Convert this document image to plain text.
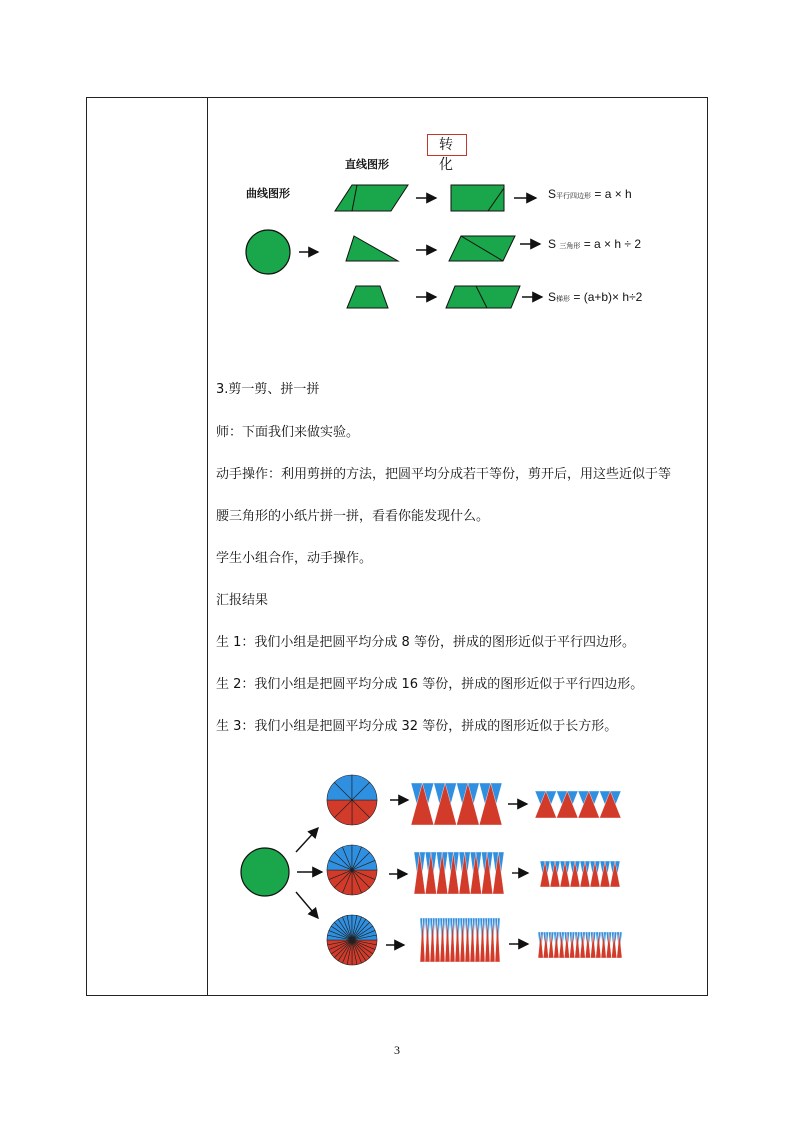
转 化
直线图形
曲线图形	S平行四边形 = a × h
S 三角形 = a × h ÷ 2
S梯形 = (a+b)× h÷2
3.剪一剪、拼一拼
师：下面我们来做实验。
动手操作：利用剪拼的方法，把圆平均分成若干等份，剪开后，用这些近似于等
腰三角形的小纸片拼一拼，看看你能发现什么。
学生小组合作，动手操作。
汇报结果
生 1：我们小组是把圆平均分成 8 等份，拼成的图形近似于平行四边形。
生 2：我们小组是把圆平均分成 16 等份，拼成的图形近似于平行四边形。
生 3：我们小组是把圆平均分成 32 等份，拼成的图形近似于长方形。
3
